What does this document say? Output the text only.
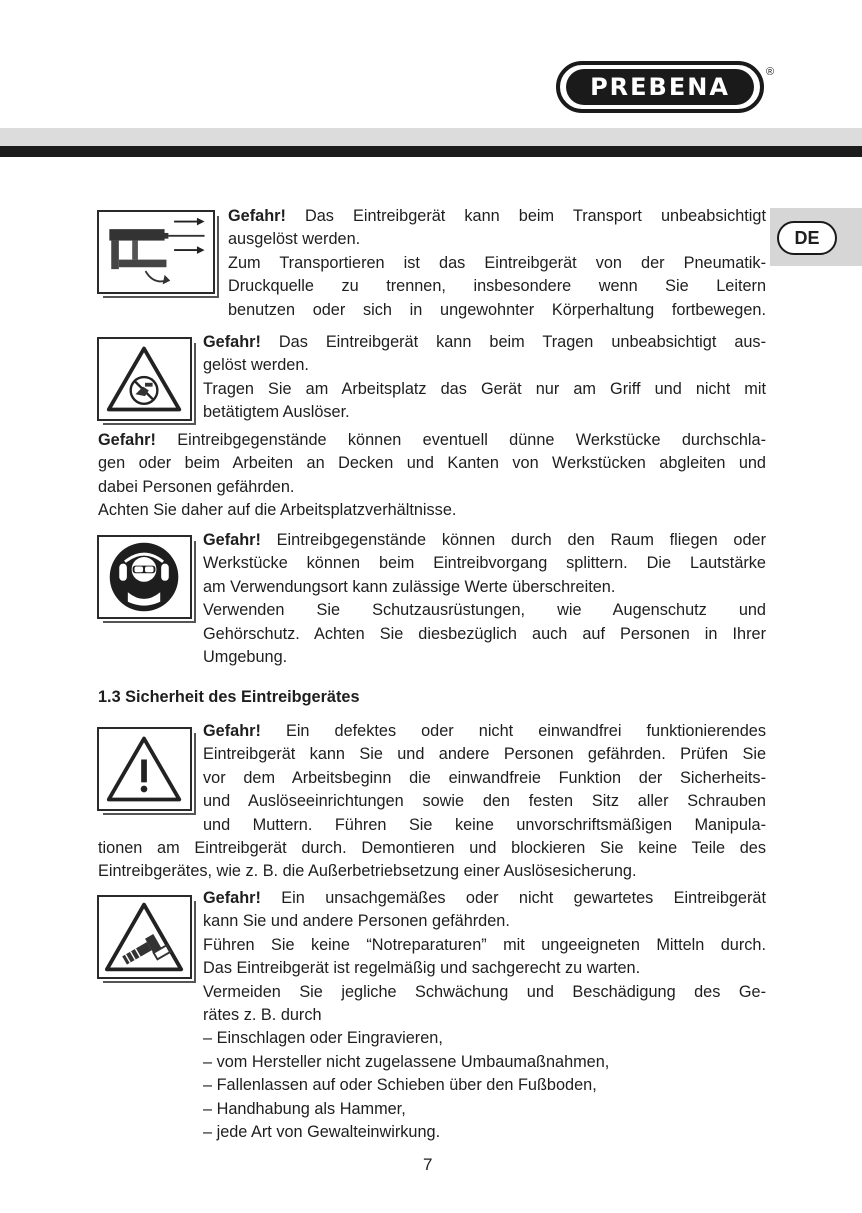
PREBENA
®
DE
Gefahr! Das Eintreibgerät kann beim Transport unbeabsichtigt
ausgelöst werden.
Zum Transportieren ist das Eintreibgerät von der Pneumatik-
Druckquelle zu trennen, insbesondere wenn Sie Leitern
benutzen oder sich in ungewohnter Körperhaltung fortbewegen.
Gefahr! Das Eintreibgerät kann beim Tragen unbeabsichtigt aus-
gelöst werden.
Tragen Sie am Arbeitsplatz das Gerät nur am Griff und nicht mit
betätigtem Auslöser.
Gefahr! Eintreibgegenstände können eventuell dünne Werkstücke durchschla-
gen oder beim Arbeiten an Decken und Kanten von Werkstücken abgleiten und
dabei Personen gefährden.
Achten Sie daher auf die Arbeitsplatzverhältnisse.
Gefahr! Eintreibgegenstände können durch den Raum fliegen oder
Werkstücke können beim Eintreibvorgang splittern. Die Lautstärke
am Verwendungsort kann zulässige Werte überschreiten.
Verwenden Sie Schutzausrüstungen, wie Augenschutz und
Gehörschutz. Achten Sie diesbezüglich auch auf Personen in Ihrer
Umgebung.
1.3 Sicherheit des Eintreibgerätes
Gefahr! Ein defektes oder nicht einwandfrei funktionierendes
Eintreibgerät kann Sie und andere Personen gefährden. Prüfen Sie
vor dem Arbeitsbeginn die einwandfreie Funktion der Sicherheits-
und Auslöseeinrichtungen sowie den festen Sitz aller Schrauben
und Muttern. Führen Sie keine unvorschriftsmäßigen Manipula-
tionen am Eintreibgerät durch. Demontieren und blockieren Sie keine Teile des
Eintreibgerätes, wie z. B. die Außerbetriebsetzung einer Auslösesicherung.
Gefahr! Ein unsachgemäßes oder nicht gewartetes Eintreibgerät
kann Sie und andere Personen gefährden.
Führen Sie keine “Notreparaturen” mit ungeeigneten Mitteln durch.
Das Eintreibgerät ist regelmäßig und sachgerecht zu warten.
Vermeiden Sie jegliche Schwächung und Beschädigung des Ge-
rätes z. B. durch
– Einschlagen oder Eingravieren,
– vom Hersteller nicht zugelassene Umbaumaßnahmen,
– Fallenlassen auf oder Schieben über den Fußboden,
– Handhabung als Hammer,
– jede Art von Gewalteinwirkung.
7
